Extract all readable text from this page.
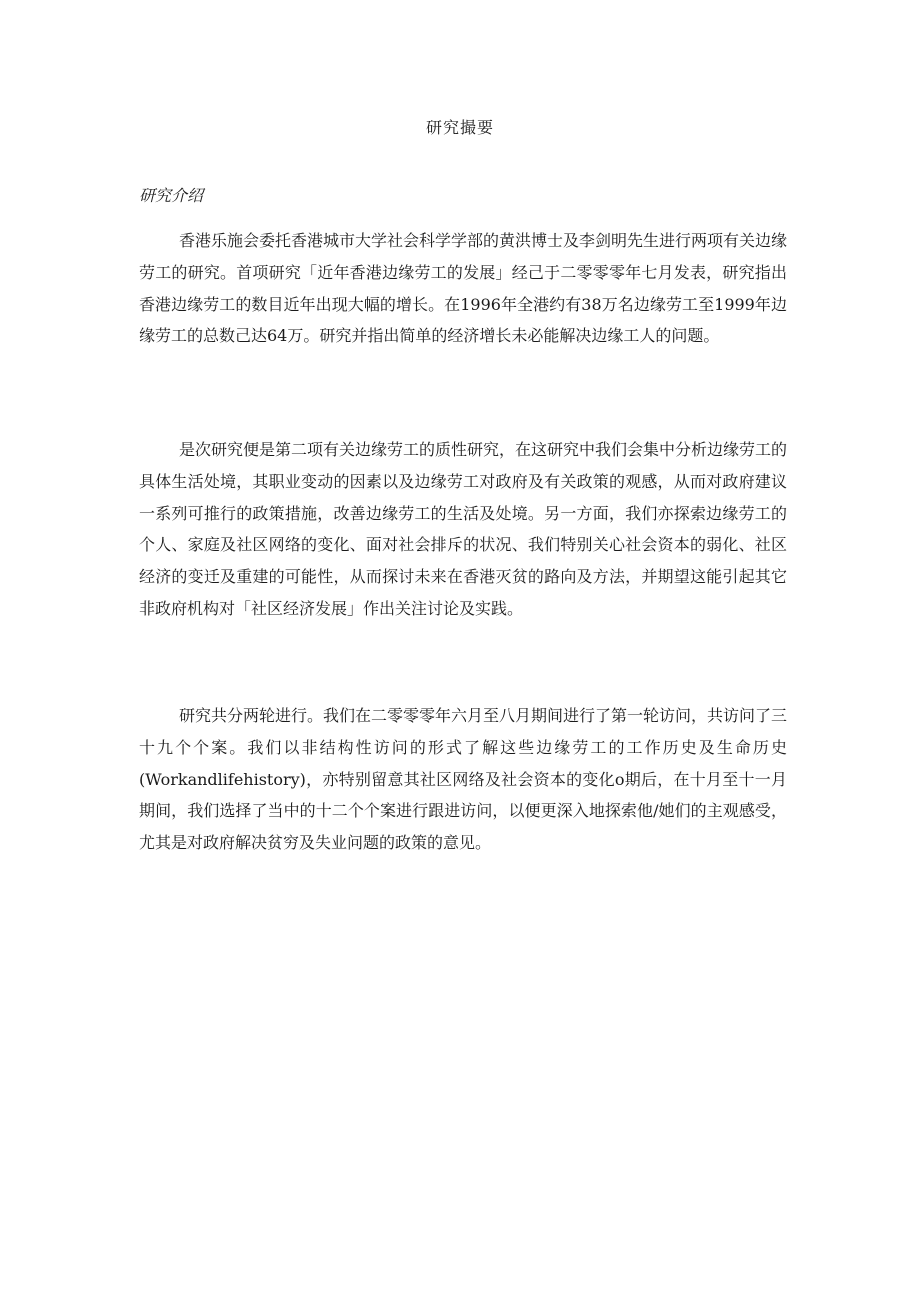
研究撮要
研究介绍

香港乐施会委托香港城市大学社会科学学部的黄洪博士及李剑明先生进行两项有关边缘劳工的研究。首项研究「近年香港边缘劳工的发展」经己于二零零零年七月发表，研究指出香港边缘劳工的数目近年出现大幅的增长。在1996年全港约有38万名边缘劳工至1999年边缘劳工的总数己达64万。研究并指出简单的经济增长未必能解决边缘工人的问题。

是次研究便是第二项有关边缘劳工的质性研究，在这研究中我们会集中分析边缘劳工的具体生活处境，其职业变动的因素以及边缘劳工对政府及有关政策的观感，从而对政府建议一系列可推行的政策措施，改善边缘劳工的生活及处境。另一方面，我们亦探索边缘劳工的个人、家庭及社区网络的变化、面对社会排斥的状况、我们特别关心社会资本的弱化、社区经济的变迁及重建的可能性，从而探讨未来在香港灭贫的路向及方法，并期望这能引起其它非政府机构对「社区经济发展」作出关注讨论及实践。

研究共分两轮进行。我们在二零零零年六月至八月期间进行了第一轮访问，共访问了三十九个个案。我们以非结构性访问的形式了解这些边缘劳工的工作历史及生命历史(Workandlifehistory)，亦特别留意其社区网络及社会资本的变化o期后，在十月至十一月期间，我们选择了当中的十二个个案进行跟进访问，以便更深入地探索他/她们的主观感受，尤其是对政府解决贫穷及失业问题的政策的意见。
